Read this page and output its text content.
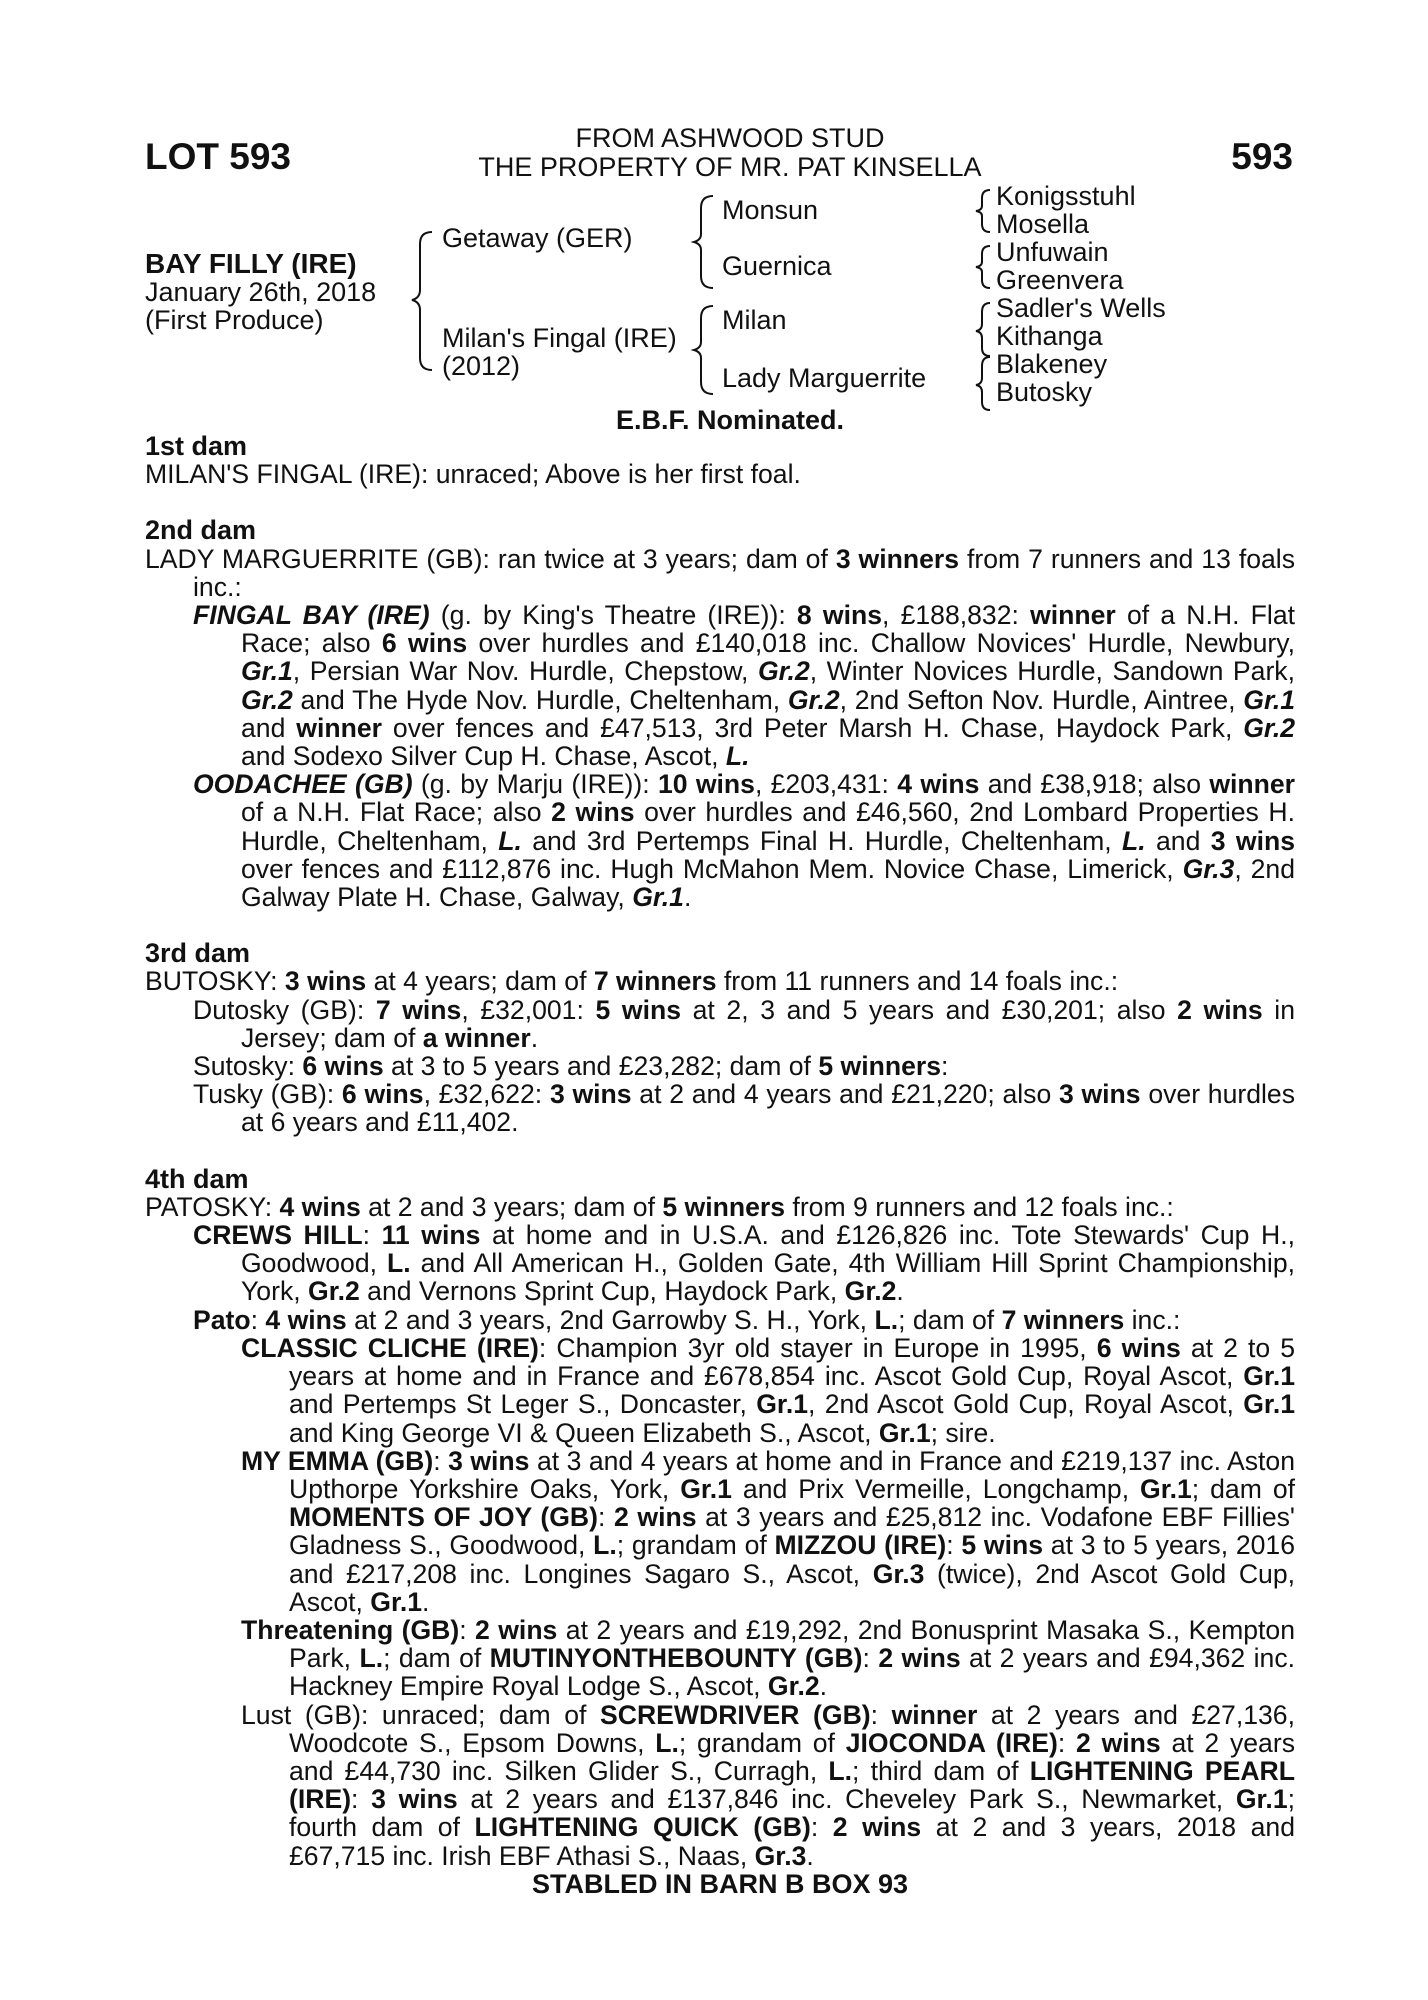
LOT 593	593
FROM ASHWOOD STUD
THE PROPERTY OF MR. PAT KINSELLA
BAY FILLY (IRE)
January 26th, 2018
(First Produce)
Getaway (GER)
Milan's Fingal (IRE)
(2012)
Monsun
Guernica
Milan
Lady Marguerrite
Konigsstuhl
Mosella
Unfuwain
Greenvera
Sadler's Wells
Kithanga
Blakeney
Butosky
E.B.F. Nominated.
1st dam

MILAN'S FINGAL (IRE): unraced; Above is her first foal.

2nd dam

LADY MARGUERRITE (GB): ran twice at 3 years; dam of 3 winners from 7 runners and 13 foals inc.:

FINGAL BAY (IRE) (g. by King's Theatre (IRE)): 8 wins, £188,832: winner of a N.H. Flat Race; also 6 wins over hurdles and £140,018 inc. Challow Novices' Hurdle, Newbury, Gr.1, Persian War Nov. Hurdle, Chepstow, Gr.2, Winter Novices Hurdle, Sandown Park, Gr.2 and The Hyde Nov. Hurdle, Cheltenham, Gr.2, 2nd Sefton Nov. Hurdle, Aintree, Gr.1 and winner over fences and £47,513, 3rd Peter Marsh H. Chase, Haydock Park, Gr.2 and Sodexo Silver Cup H. Chase, Ascot, L.

OODACHEE (GB) (g. by Marju (IRE)): 10 wins, £203,431: 4 wins and £38,918; also winner of a N.H. Flat Race; also 2 wins over hurdles and £46,560, 2nd Lombard Properties H. Hurdle, Cheltenham, L. and 3rd Pertemps Final H. Hurdle, Cheltenham, L. and 3 wins over fences and £112,876 inc. Hugh McMahon Mem. Novice Chase, Limerick, Gr.3, 2nd Galway Plate H. Chase, Galway, Gr.1.

3rd dam

BUTOSKY: 3 wins at 4 years; dam of 7 winners from 11 runners and 14 foals inc.:

Dutosky (GB): 7 wins, £32,001: 5 wins at 2, 3 and 5 years and £30,201; also 2 wins in Jersey; dam of a winner.

Sutosky: 6 wins at 3 to 5 years and £23,282; dam of 5 winners:

Tusky (GB): 6 wins, £32,622: 3 wins at 2 and 4 years and £21,220; also 3 wins over hurdles at 6 years and £11,402.

4th dam

PATOSKY: 4 wins at 2 and 3 years; dam of 5 winners from 9 runners and 12 foals inc.:

CREWS HILL: 11 wins at home and in U.S.A. and £126,826 inc. Tote Stewards' Cup H., Goodwood, L. and All American H., Golden Gate, 4th William Hill Sprint Championship, York, Gr.2 and Vernons Sprint Cup, Haydock Park, Gr.2.

Pato: 4 wins at 2 and 3 years, 2nd Garrowby S. H., York, L.; dam of 7 winners inc.:

CLASSIC CLICHE (IRE): Champion 3yr old stayer in Europe in 1995, 6 wins at 2 to 5 years at home and in France and £678,854 inc. Ascot Gold Cup, Royal Ascot, Gr.1 and Pertemps St Leger S., Doncaster, Gr.1, 2nd Ascot Gold Cup, Royal Ascot, Gr.1 and King George VI & Queen Elizabeth S., Ascot, Gr.1; sire.

MY EMMA (GB): 3 wins at 3 and 4 years at home and in France and £219,137 inc. Aston Upthorpe Yorkshire Oaks, York, Gr.1 and Prix Vermeille, Longchamp, Gr.1; dam of MOMENTS OF JOY (GB): 2 wins at 3 years and £25,812 inc. Vodafone EBF Fillies' Gladness S., Goodwood, L.; grandam of MIZZOU (IRE): 5 wins at 3 to 5 years, 2016 and £217,208 inc. Longines Sagaro S., Ascot, Gr.3 (twice), 2nd Ascot Gold Cup, Ascot, Gr.1.

Threatening (GB): 2 wins at 2 years and £19,292, 2nd Bonusprint Masaka S., Kempton Park, L.; dam of MUTINYONTHEBOUNTY (GB): 2 wins at 2 years and £94,362 inc. Hackney Empire Royal Lodge S., Ascot, Gr.2.

Lust (GB): unraced; dam of SCREWDRIVER (GB): winner at 2 years and £27,136, Woodcote S., Epsom Downs, L.; grandam of JIOCONDA (IRE): 2 wins at 2 years and £44,730 inc. Silken Glider S., Curragh, L.; third dam of LIGHTENING PEARL (IRE): 3 wins at 2 years and £137,846 inc. Cheveley Park S., Newmarket, Gr.1; fourth dam of LIGHTENING QUICK (GB): 2 wins at 2 and 3 years, 2018 and £67,715 inc. Irish EBF Athasi S., Naas, Gr.3.

STABLED IN BARN B BOX 93
